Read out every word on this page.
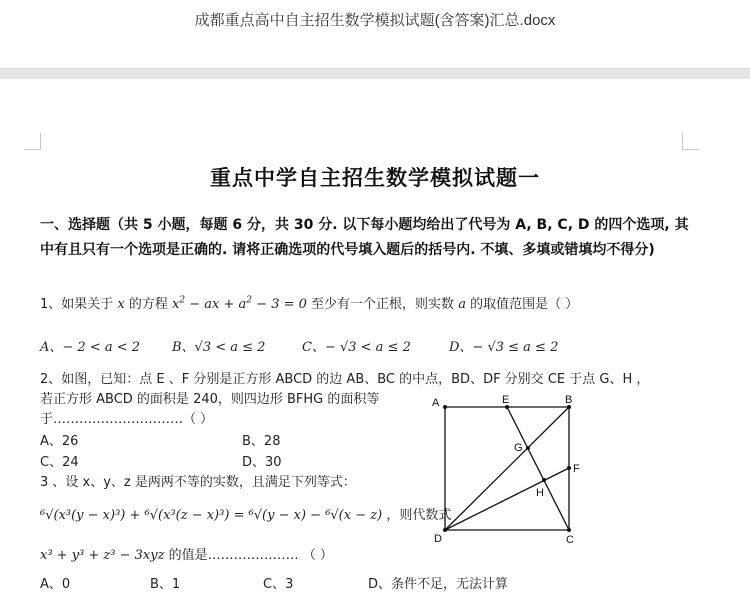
成都重点高中自主招生数学模拟试题(含答案)汇总.docx
重点中学自主招生数学模拟试题一
一、选择题（共 5 小题，每题 6 分，共 30 分. 以下每小题均给出了代号为 A, B, C, D 的四个选项, 其中有且只有一个选项是正确的. 请将正确选项的代号填入题后的括号内. 不填、多填或错填均不得分)
1、如果关于 x 的方程 $x^2$ − ax + $a^2 - 3 = 0$ 至少有一个正根，则实数 a 的取值范围是（ ）
A、− 2 < a < 2 B、√3 < a ≤ 2	C、− √3 < a ≤ 2	D、− √3 ≤ a ≤ 2
2、如图，已知：点 E 、F 分别是正方形 ABCD 的边 AB、BC 的中点，BD、DF 分别交 CE 于点 G、H ，
若正方形 ABCD 的面积是 240，则四边形 BFHG 的面积等
于…………………………（ ）
A、26	B、28
C、24	D、30
3 、设 x、y、z 是两两不等的实数，且满足下列等式：
⁶√(x³(y − x)³) + ⁶√(x³(z − x)³) = ⁶√(y − x) − ⁶√(x − z) ，则代数式
x³ + y³ + z³ − 3xyz 的值是………………… （ ）
A、0	B、1	C、3	D、条件不足，无法计算
A	E	B
G
F
H
D	C
